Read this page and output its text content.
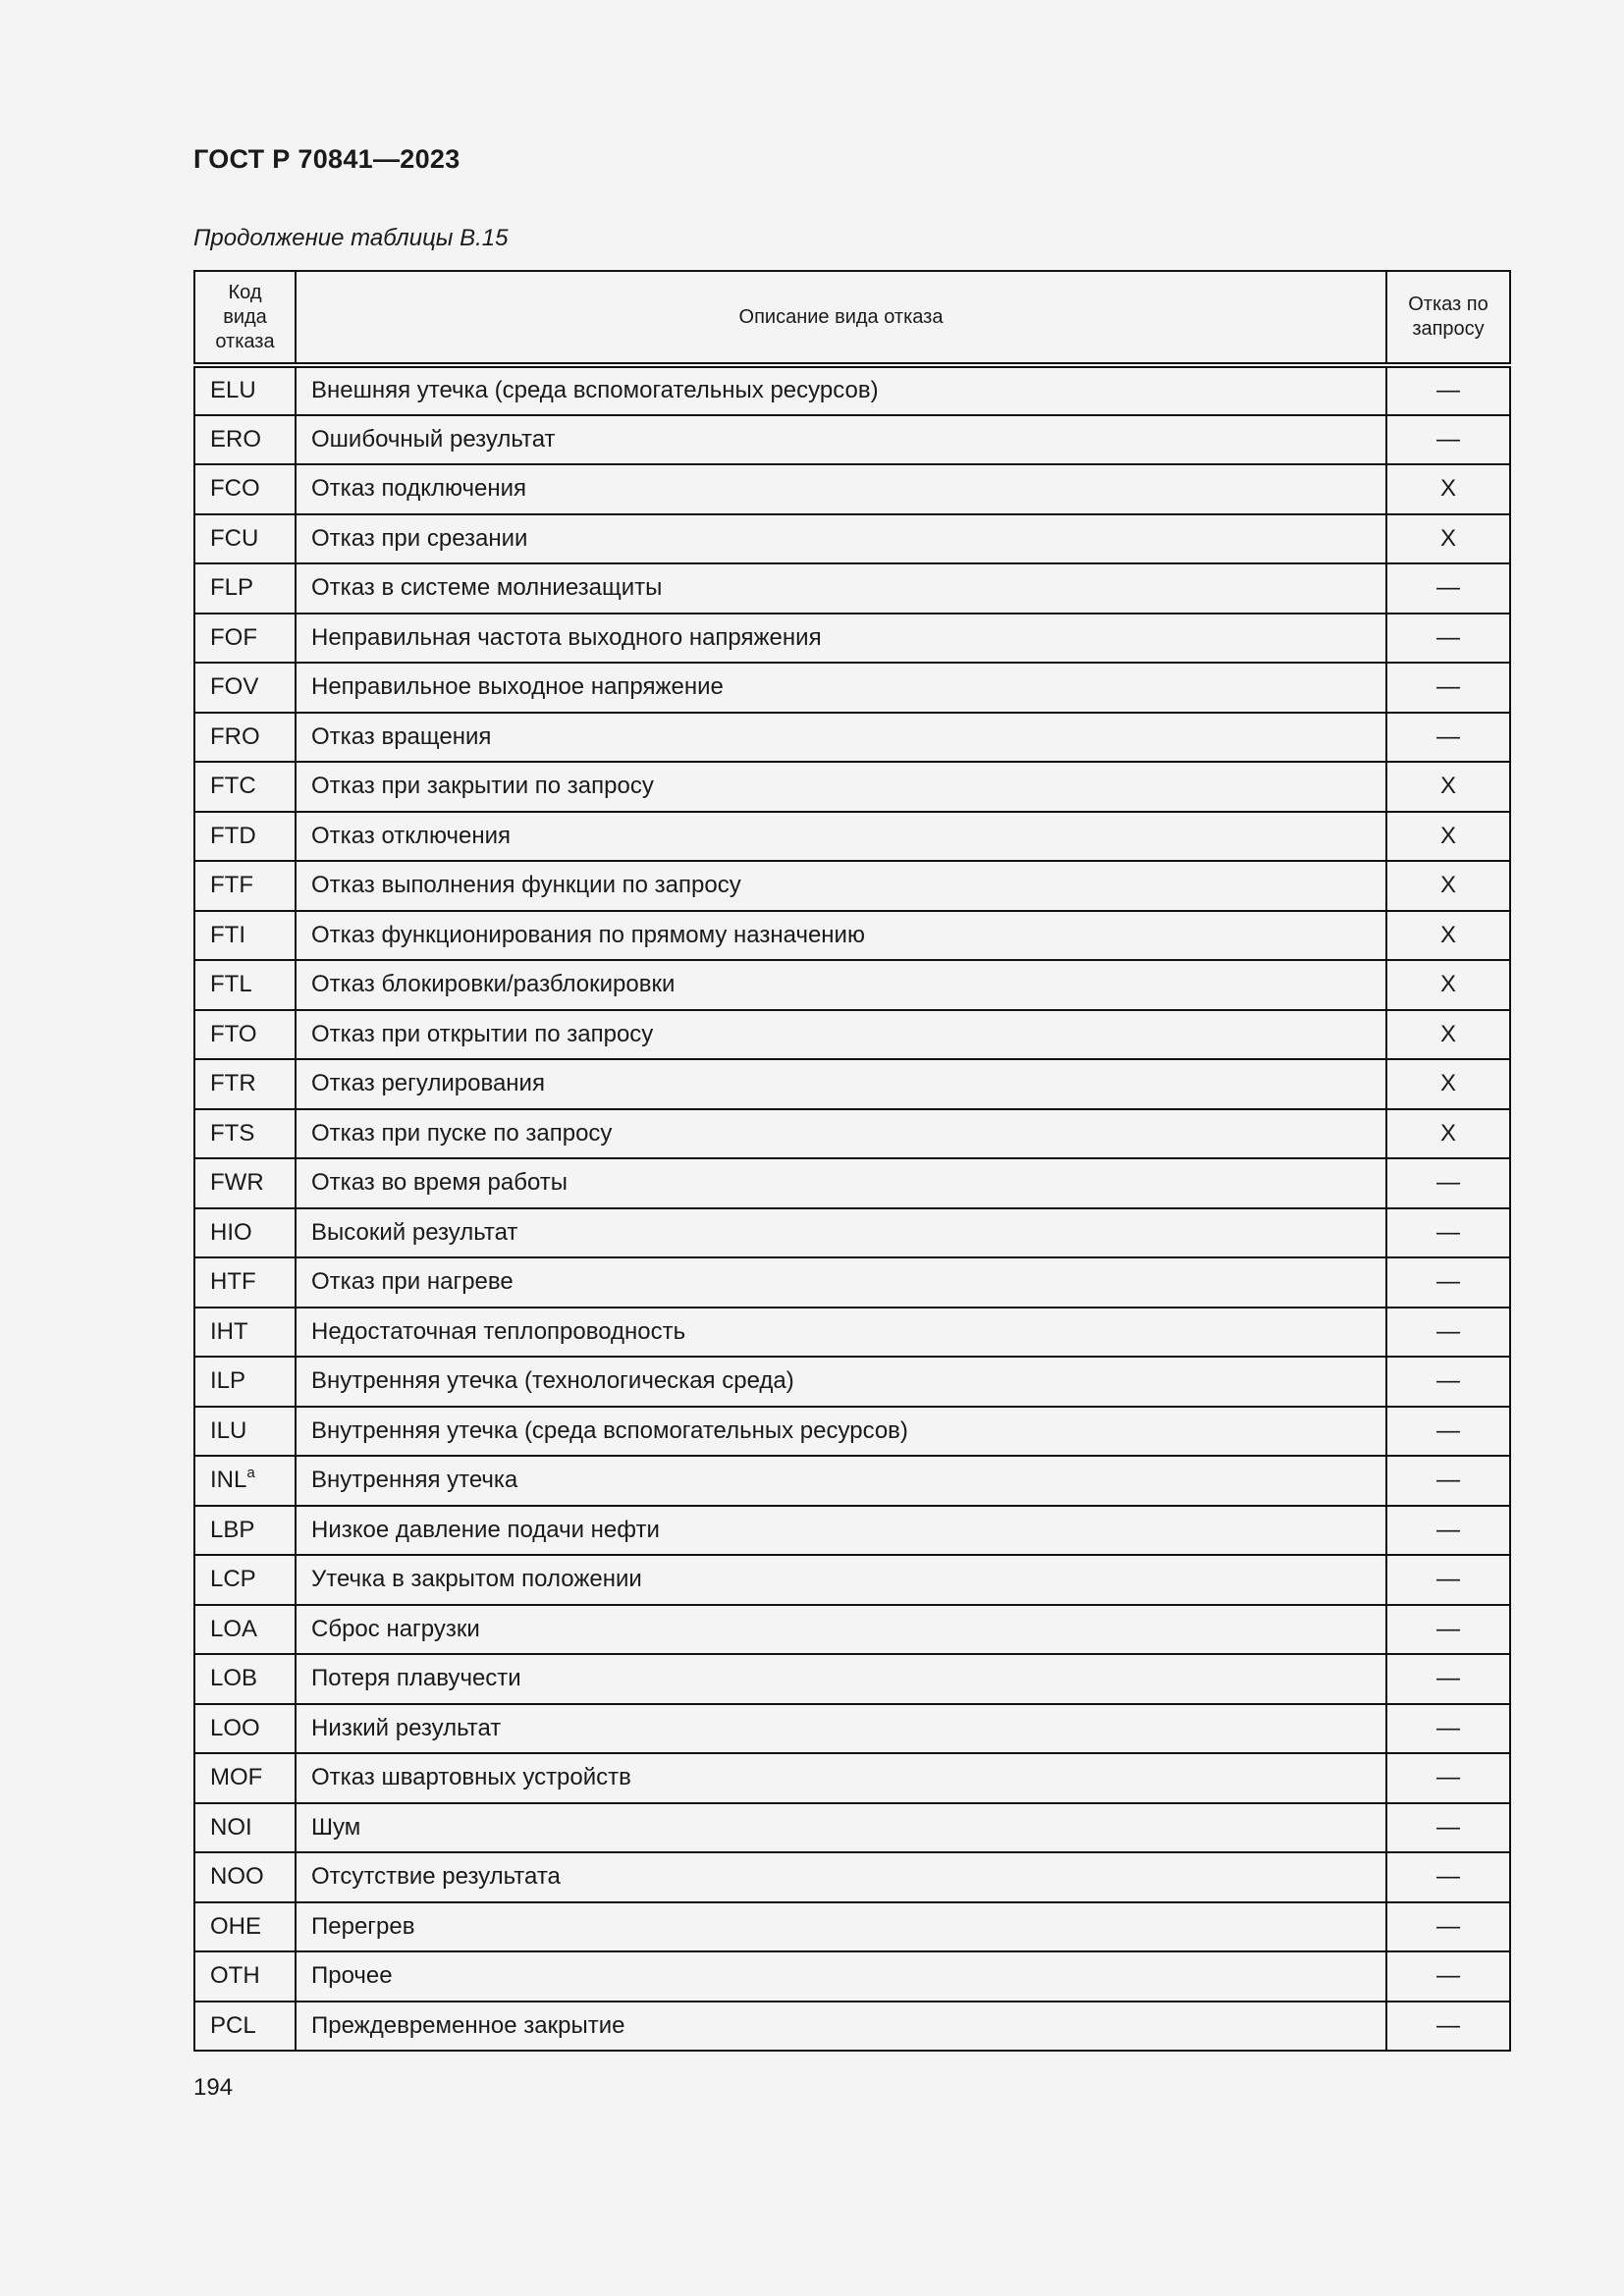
ГОСТ Р 70841—2023
Продолжение таблицы В.15
Код вида отказа	Описание вида отказа	Отказ по запросу

ELU	Внешняя утечка (среда вспомогательных ресурсов)	—
ERO	Ошибочный результат	—
FCO	Отказ подключения	X
FCU	Отказ при срезании	X
FLP	Отказ в системе молниезащиты	—
FOF	Неправильная частота выходного напряжения	—
FOV	Неправильное выходное напряжение	—
FRO	Отказ вращения	—
FTC	Отказ при закрытии по запросу	X
FTD	Отказ отключения	X
FTF	Отказ выполнения функции по запросу	X
FTI	Отказ функционирования по прямому назначению	X
FTL	Отказ блокировки/разблокировки	X
FTO	Отказ при открытии по запросу	X
FTR	Отказ регулирования	X
FTS	Отказ при пуске по запросу	X
FWR	Отказ во время работы	—
HIO	Высокий результат	—
HTF	Отказ при нагреве	—
IHT	Недостаточная теплопроводность	—
ILP	Внутренняя утечка (технологическая среда)	—
ILU	Внутренняя утечка (среда вспомогательных ресурсов)	—
INL$^a$	Внутренняя утечка	—
LBP	Низкое давление подачи нефти	—
LCP	Утечка в закрытом положении	—
LOA	Сброс нагрузки	—
LOB	Потеря плавучести	—
LOO	Низкий результат	—
MOF	Отказ швартовных устройств	—
NOI	Шум	—
NOO	Отсутствие результата	—
OHE	Перегрев	—
OTH	Прочее	—
PCL	Преждевременное закрытие	—
194
